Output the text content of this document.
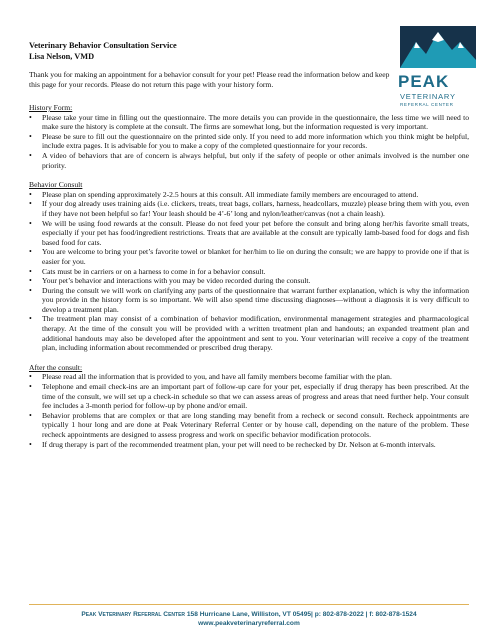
Veterinary Behavior Consultation Service
Lisa Nelson, VMD
PEAK
VETERINARY
REFERRAL CENTER
Thank you for making an appointment for a behavior consult for your pet! Please read the information below and keep this page for your records. Please do not return this page with your history form.
History Form:
• Please take your time in filling out the questionnaire. The more details you can provide in the questionnaire, the less time we will need to make sure the history is complete at the consult. The firms are somewhat long, but the information requested is very important.
• Please be sure to fill out the questionnaire on the printed side only. If you need to add more information which you think might be helpful, include extra pages. It is advisable for you to make a copy of the completed questionnaire for your records.
• A video of behaviors that are of concern is always helpful, but only if the safety of people or other animals involved is the number one priority.
Behavior Consult
• Please plan on spending approximately 2-2.5 hours at this consult. All immediate family members are encouraged to attend.
• If your dog already uses training aids (i.e. clickers, treats, treat bags, collars, harness, headcollars, muzzle) please bring them with you, even if they have not been helpful so far! Your leash should be 4’-6’ long and nylon/leather/canvas (not a chain leash).
• We will be using food rewards at the consult. Please do not feed your pet before the consult and bring along her/his favorite small treats, especially if your pet has food/ingredient restrictions. Treats that are available at the consult are typically lamb-based food for dogs and fish based food for cats.
• You are welcome to bring your pet’s favorite towel or blanket for her/him to lie on during the consult; we are happy to provide one if that is easier for you.
• Cats must be in carriers or on a harness to come in for a behavior consult.
• Your pet’s behavior and interactions with you may be video recorded during the consult.
• During the consult we will work on clarifying any parts of the questionnaire that warrant further explanation, which is why the information you provide in the history form is so important. We will also spend time discussing diagnoses—without a diagnosis it is very difficult to develop a treatment plan.
• The treatment plan may consist of a combination of behavior modification, environmental management strategies and pharmacological therapy. At the time of the consult you will be provided with a written treatment plan and handouts; an expanded treatment plan and additional handouts may also be developed after the appointment and sent to you. Your veterinarian will receive a copy of the treatment plan, including information about recommended or prescribed drug therapy.
After the consult:
• Please read all the information that is provided to you, and have all family members become familiar with the plan.
• Telephone and email check-ins are an important part of follow-up care for your pet, especially if drug therapy has been prescribed. At the time of the consult, we will set up a check-in schedule so that we can assess areas of progress and areas that need further help. Your consult fee includes a 3-month period for follow-up by phone and/or email.
• Behavior problems that are complex or that are long standing may benefit from a recheck or second consult. Recheck appointments are typically 1 hour long and are done at Peak Veterinary Referral Center or by house call, depending on the nature of the problem. These recheck appointments are designed to assess progress and work on specific behavior modification protocols.
• If drug therapy is part of the recommended treatment plan, your pet will need to be rechecked by Dr. Nelson at 6-month intervals.
Peak Veterinary Referral Center 158 Hurricane Lane, Williston, VT 05495| p: 802-878-2022 | f: 802-878-1524
www.peakveterinaryreferral.com
